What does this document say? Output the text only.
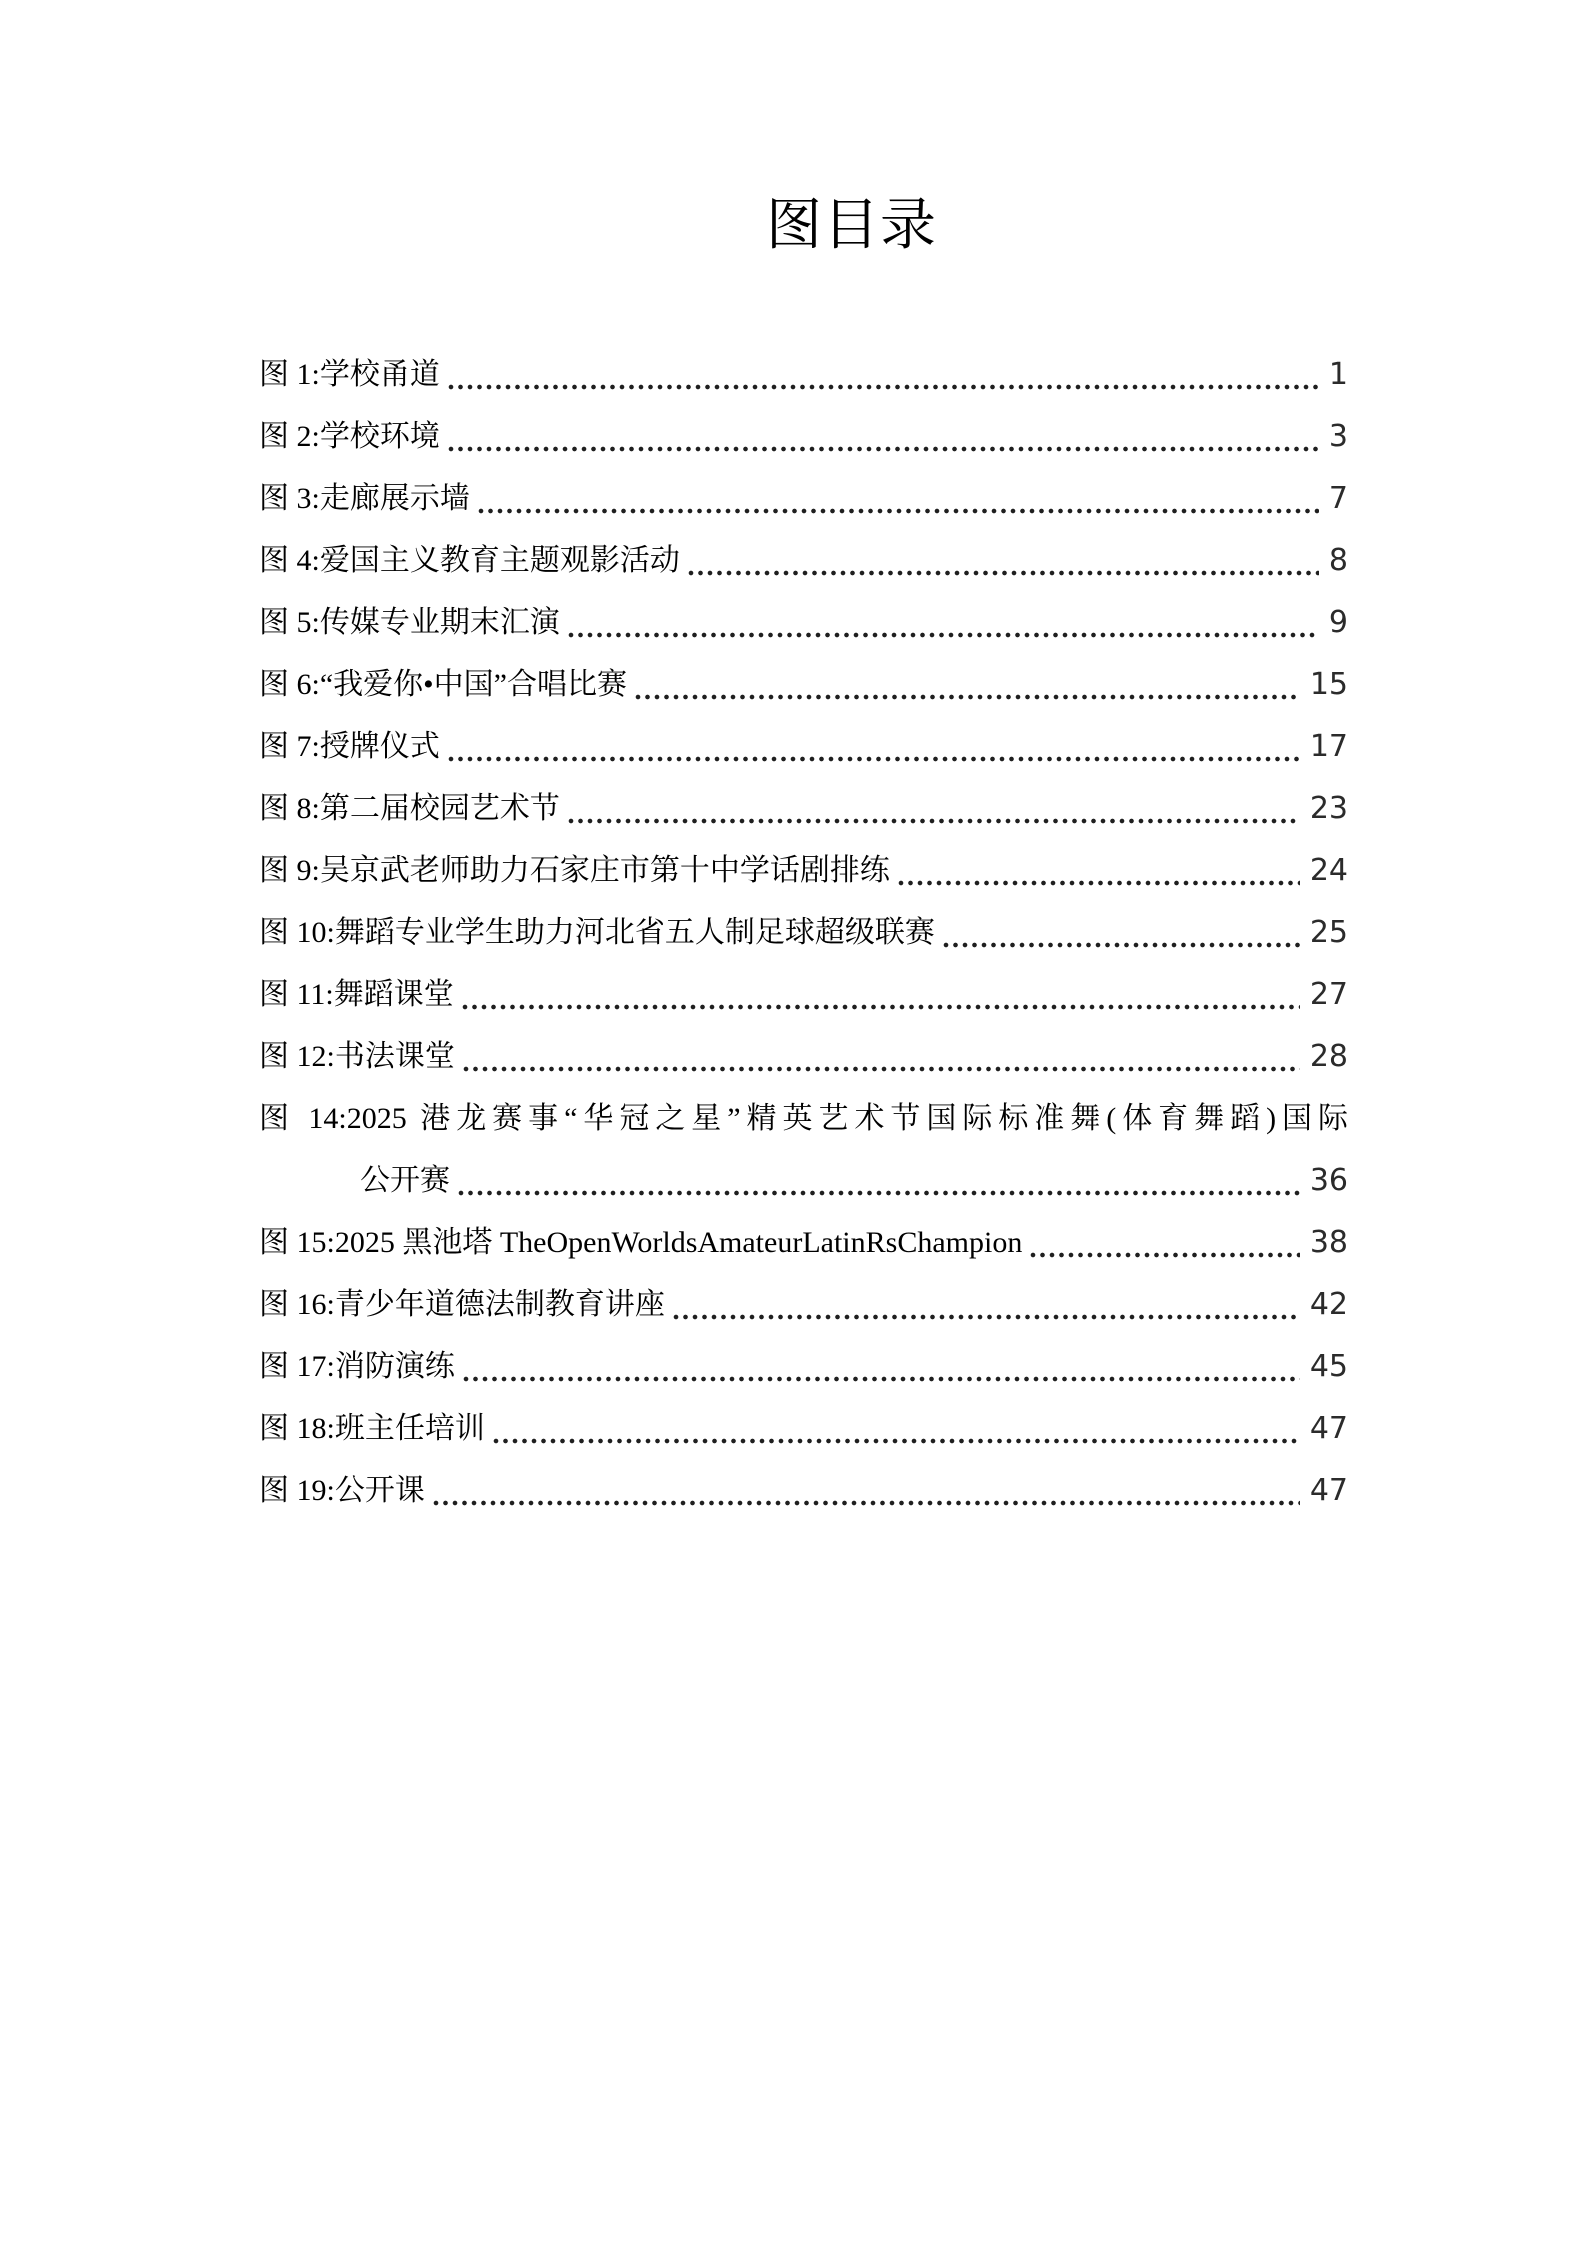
图目录
图 1:学校甬道	1
图 2:学校环境	3
图 3:走廊展示墙	7
图 4:爱国主义教育主题观影活动	8
图 5:传媒专业期末汇演	9
图 6:“我爱你•中国”合唱比赛	15
图 7:授牌仪式	17
图 8:第二届校园艺术节	23
图 9:吴京武老师助力石家庄市第十中学话剧排练	24
图 10:舞蹈专业学生助力河北省五人制足球超级联赛	25
图 11:舞蹈课堂	27
图 12:书法课堂	28
图 14:2025 港龙赛事“华冠之星”精英艺术节国际标准舞(体育舞蹈)国际
公开赛	36
图 15:2025 黑池塔 TheOpenWorldsAmateurLatinRsChampion	38
图 16:青少年道德法制教育讲座	42
图 17:消防演练	45
图 18:班主任培训	47
图 19:公开课	47
